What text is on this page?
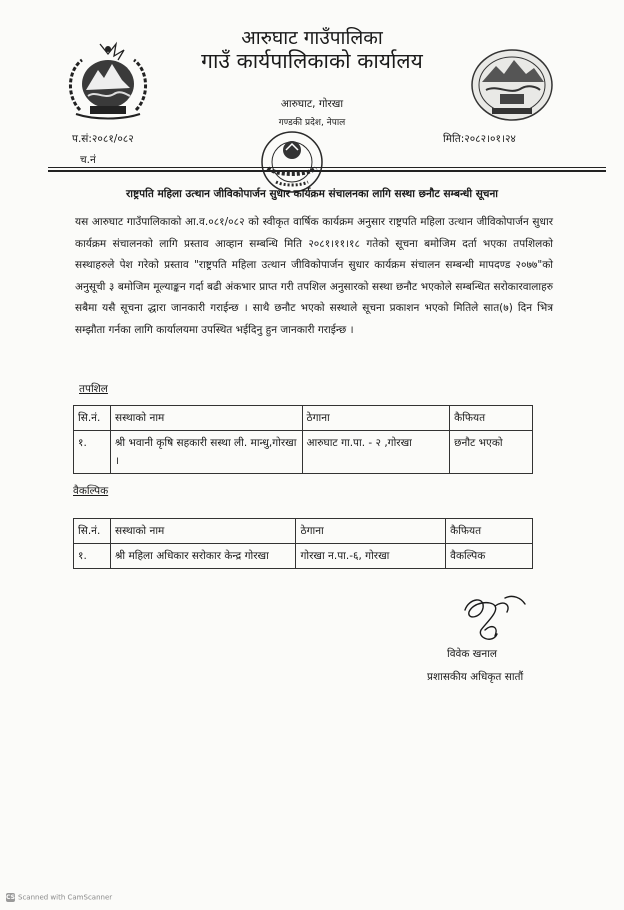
आरुघाट गाउँपालिका
गाउँ कार्यपालिकाको कार्यालय
आरुघाट, गोरखा
गण्डकी प्रदेश, नेपाल
प.सं:२०८१/०८२
च.नं
मिति:२०८२।०१।२४
राष्ट्रपति महिला उत्थान जीविकोपार्जन सुधार कार्यक्रम संचालनका लागि सस्था छनौट सम्बन्धी सूचना
यस आरुघाट गाउँपालिकाको आ.व.०८१/०८२ को स्वीकृत वार्षिक कार्यक्रम अनुसार राष्ट्रपति महिला उत्थान जीविकोपार्जन सुधार कार्यक्रम संचालनको लागि प्रस्ताव आव्हान सम्बन्धि मिति २०८१।११।१८ गतेको सूचना बमोजिम दर्ता भएका तपशिलको सस्थाहरुले पेश गरेको प्रस्ताव "राष्ट्रपति महिला उत्थान जीविकोपार्जन सुधार कार्यक्रम संचालन सम्बन्धी मापदण्ड २०७७"को अनुसूची ३ बमोजिम मूल्याङ्कन गर्दा बढी अंकभार प्राप्त गरी तपशिल अनुसारको सस्था छनौट भएकोले सम्बन्धित सरोकारवालाहरु सबैमा यसै सूचना द्धारा जानकारी गराईन्छ । साथै छनौट भएको सस्थाले सूचना प्रकाशन भएको मितिले सात(७) दिन भित्र सम्झौता गर्नका लागि कार्यालयमा उपस्थित भईदिनु हुन जानकारी गराईन्छ ।
तपशिल
सि.नं.	सस्थाको नाम	ठेगाना	कैफियत
१.	श्री भवानी कृषि सहकारी सस्था ली. मान्धु,गोरखा ।	आरुघाट गा.पा. - २ ,गोरखा	छनौट भएको
वैकल्पिक
सि.नं.	सस्थाको नाम	ठेगाना	कैफियत
१.	श्री महिला अधिकार सरोकार केन्द्र गोरखा	गोरखा न.पा.-६, गोरखा	वैकल्पिक
विवेक खनाल
प्रशासकीय अधिकृत सातौं
CS Scanned with CamScanner
